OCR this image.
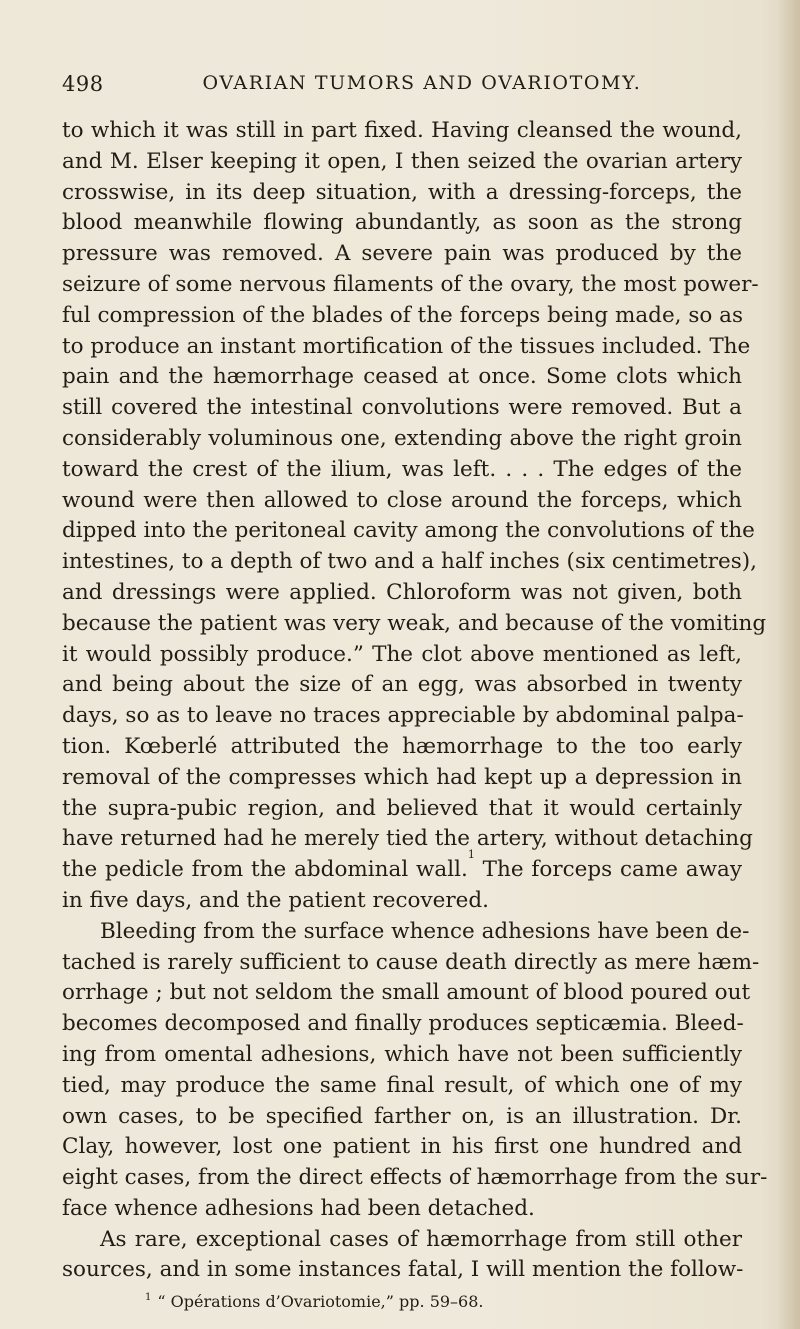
498	OVARIAN TUMORS AND OVARIOTOMY.
to which it was still in part fixed. Having cleansed the wound,
and M. Elser keeping it open, I then seized the ovarian artery
crosswise, in its deep situation, with a dressing-forceps, the
blood meanwhile flowing abundantly, as soon as the strong
pressure was removed. A severe pain was produced by the
seizure of some nervous filaments of the ovary, the most power-
ful compression of the blades of the forceps being made, so as
to produce an instant mortification of the tissues included. The
pain and the hæmorrhage ceased at once. Some clots which
still covered the intestinal convolutions were removed. But a
considerably voluminous one, extending above the right groin
toward the crest of the ilium, was left. . . . The edges of the
wound were then allowed to close around the forceps, which
dipped into the peritoneal cavity among the convolutions of the
intestines, to a depth of two and a half inches (six centimetres),
and dressings were applied. Chloroform was not given, both
because the patient was very weak, and because of the vomiting
it would possibly produce.” The clot above mentioned as left,
and being about the size of an egg, was absorbed in twenty
days, so as to leave no traces appreciable by abdominal palpa-
tion. Kœberlé attributed the hæmorrhage to the too early
removal of the compresses which had kept up a depression in
the supra-pubic region, and believed that it would certainly
have returned had he merely tied the artery, without detaching
the pedicle from the abdominal wall.$^1$ The forceps came away
in five days, and the patient recovered.
Bleeding from the surface whence adhesions have been de-
tached is rarely sufficient to cause death directly as mere hæm-
orrhage ; but not seldom the small amount of blood poured out
becomes decomposed and finally produces septicæmia. Bleed-
ing from omental adhesions, which have not been sufficiently
tied, may produce the same final result, of which one of my
own cases, to be specified farther on, is an illustration. Dr.
Clay, however, lost one patient in his first one hundred and
eight cases, from the direct effects of hæmorrhage from the sur-
face whence adhesions had been detached.
As rare, exceptional cases of hæmorrhage from still other
sources, and in some instances fatal, I will mention the follow-
$^1$ “ Opérations d’Ovariotomie,” pp. 59–68.
